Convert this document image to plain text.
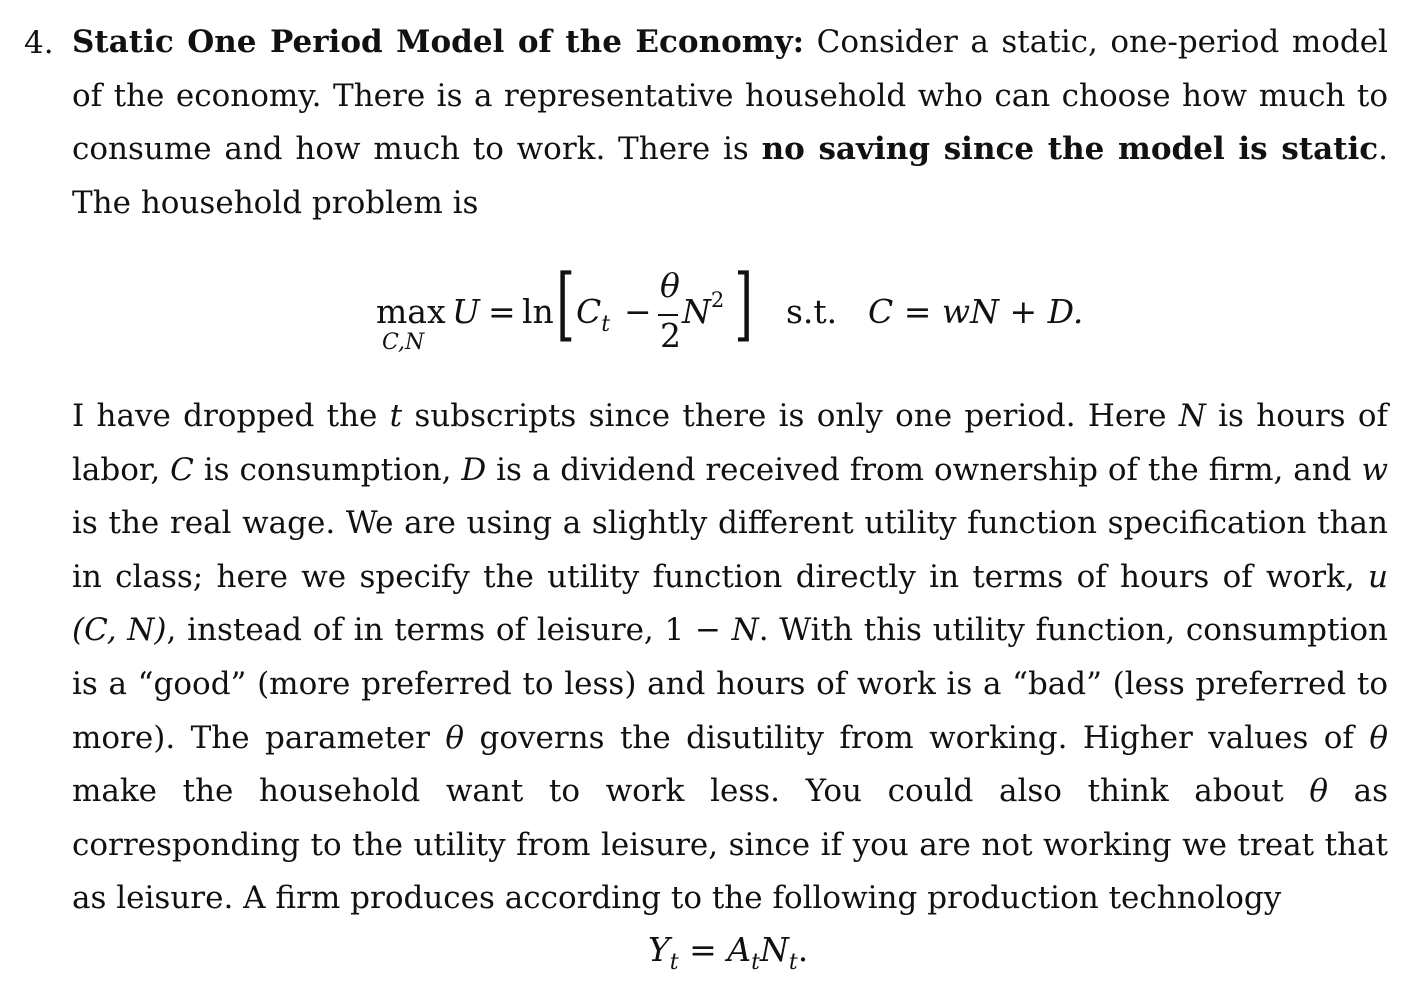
4. Static One Period Model of the Economy: Consider a static, one-period model of the economy. There is a representative household who can choose how much to consume and how much to work. There is no saving since the model is static. The household problem is
max
C,N
U = ln [ $C_t$ −
θ
2
$N^2$ ] s.t. C = wN + D.
I have dropped the t subscripts since there is only one period. Here N is hours of labor, C is consumption, D is a dividend received from ownership of the firm, and w is the real wage. We are using a slightly different utility function specification than in class; here we specify the utility function directly in terms of hours of work, u (C, N), instead of in terms of leisure, 1 − N. With this utility function, consumption is a “good” (more preferred to less) and hours of work is a “bad” (less preferred to more). The parameter θ governs the disutility from working. Higher values of θ make the household want to work less. You could also think about θ as corresponding to the utility from leisure, since if you are not working we treat that as leisure. A firm produces according to the following production technology
$Y_t = A_tN_t$.
